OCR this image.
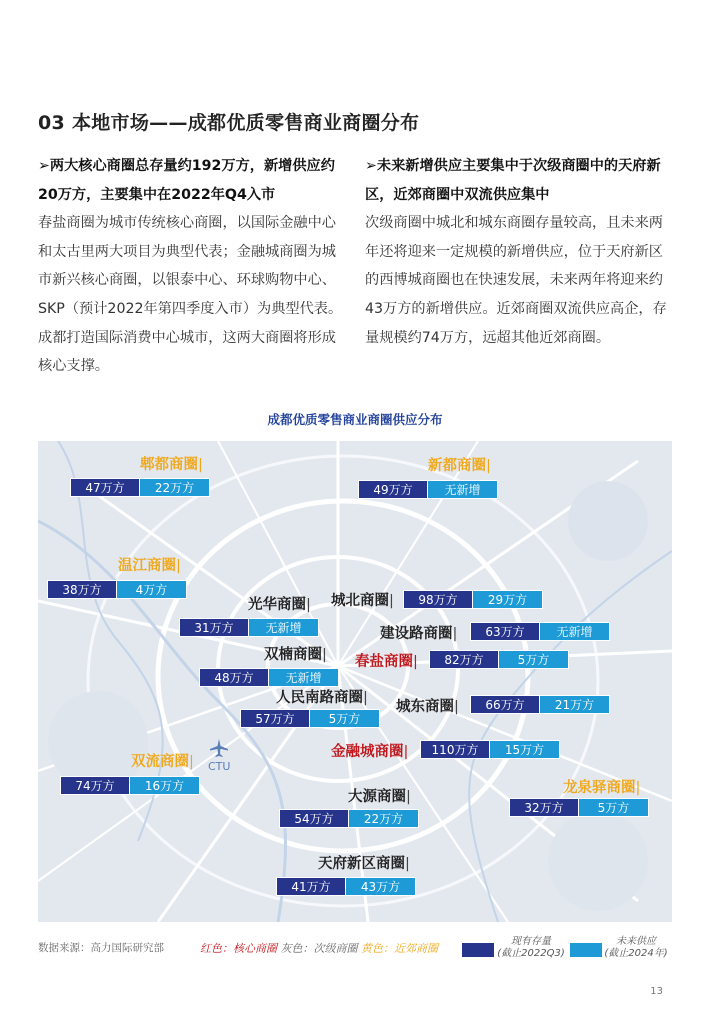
03 本地市场——成都优质零售商业商圈分布
➢两大核心商圈总存量约192万方，新增供应约20万方，主要集中在2022年Q4入市
春盐商圈为城市传统核心商圈，以国际金融中心和太古里两大项目为典型代表；金融城商圈为城市新兴核心商圈，以银泰中心、环球购物中心、SKP（预计2022年第四季度入市）为典型代表。成都打造国际消费中心城市，这两大商圈将形成核心支撑。
➢未来新增供应主要集中于次级商圈中的天府新区，近郊商圈中双流供应集中
次级商圈中城北和城东商圈存量较高，且未来两年还将迎来一定规模的新增供应，位于天府新区的西博城商圈也在快速发展，未来两年将迎来约43万方的新增供应。近郊商圈双流供应高企，存量规模约74万方，远超其他近郊商圈。
成都优质零售商业商圈供应分布
郫都商圈|
47万方	22万方
新都商圈|
49万方	无新增
温江商圈|
38万方	4万方
光华商圈|
31万方	无新增
城北商圈|	98万方	29万方
建设路商圈|	63万方	无新增
双楠商圈|
48万方	无新增
春盐商圈|	82万方	5万方
人民南路商圈|
57万方	5万方
城东商圈|	66万方	21万方
金融城商圈|	110万方	15万方
双流商圈|
74万方	16万方	龙泉驿商圈|
32万方	5万方
大源商圈|
54万方	22万方
天府新区商圈|
41万方	43万方
CTU
数据来源：高力国际研究部	红色：核心商圈 灰色：次级商圈 黄色：近郊商圈
现有存量
(截止2022Q3)
未来供应
(截止2024年)
13
